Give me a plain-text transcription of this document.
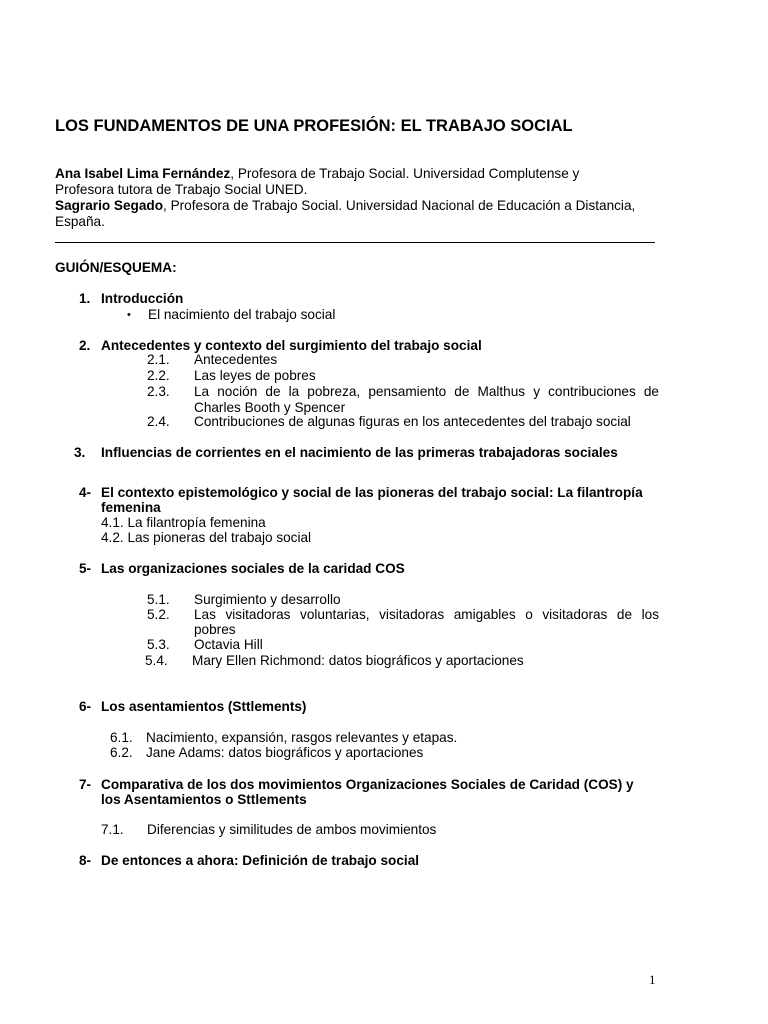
LOS FUNDAMENTOS DE UNA PROFESIÓN: EL TRABAJO SOCIAL
Ana Isabel Lima Fernández, Profesora de Trabajo Social. Universidad Complutense y
Profesora tutora de Trabajo Social UNED.
Sagrario Segado, Profesora de Trabajo Social. Universidad Nacional de Educación a Distancia,
España.
GUIÓN/ESQUEMA:
1. Introducción
• El nacimiento del trabajo social
2. Antecedentes y contexto del surgimiento del trabajo social
2.1. Antecedentes
2.2. Las leyes de pobres
2.3. La noción de la pobreza, pensamiento de Malthus y contribuciones de
Charles Booth y Spencer
2.4. Contribuciones de algunas figuras en los antecedentes del trabajo social
3. Influencias de corrientes en el nacimiento de las primeras trabajadoras sociales
4- El contexto epistemológico y social de las pioneras del trabajo social: La filantropía
femenina
4.1. La filantropía femenina
4.2. Las pioneras del trabajo social
5- Las organizaciones sociales de la caridad COS
5.1. Surgimiento y desarrollo
5.2. Las visitadoras voluntarias, visitadoras amigables o visitadoras de los
pobres
5.3. Octavia Hill
5.4. Mary Ellen Richmond: datos biográficos y aportaciones
6- Los asentamientos (Sttlements)
6.1. Nacimiento, expansión, rasgos relevantes y etapas.
6.2. Jane Adams: datos biográficos y aportaciones
7- Comparativa de los dos movimientos Organizaciones Sociales de Caridad (COS) y
los Asentamientos o Sttlements
7.1. Diferencias y similitudes de ambos movimientos
8- De entonces a ahora: Definición de trabajo social
1
